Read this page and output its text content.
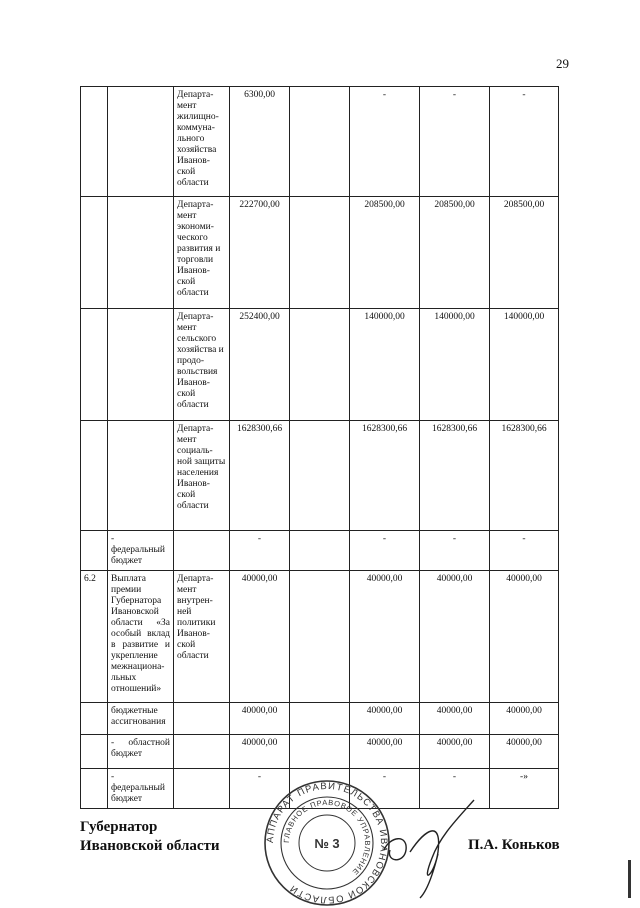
29
		Департа-мент жилищно-коммуна-льного хозяйства Иванов-ской области	6300,00		-	-	-
		Департа-мент экономи-ческого развития и торговли Иванов-ской области	222700,00		208500,00	208500,00	208500,00
		Департа-мент сельского хозяйства и продо-вольствия Иванов-ской области	252400,00		140000,00	140000,00	140000,00
		Департа-мент социаль-ной защиты населения Иванов-ской области	1628300,66		1628300,66	1628300,66	1628300,66
	- федеральный бюджет		-		-	-	-
6.2	Выплата премии Губернатора Ивановской области «За особый вклад в развитие и укрепление межнациона-льных отношений»	Департа-мент внутрен-ней политики Иванов-ской области	40000,00		40000,00	40000,00	40000,00
	бюджетные ассигнования		40000,00		40000,00	40000,00	40000,00
	- областной бюджет		40000,00		40000,00	40000,00	40000,00
	- федеральный бюджет		-		-	-	-»
Губернатор
Ивановской области	П.А. Коньков
АППАРАТ ПРАВИТЕЛЬСТВА ИВАНОВСКОЙ ОБЛАСТИ
ГЛАВНОЕ ПРАВОВОЕ УПРАВЛЕНИЕ
№ 3
